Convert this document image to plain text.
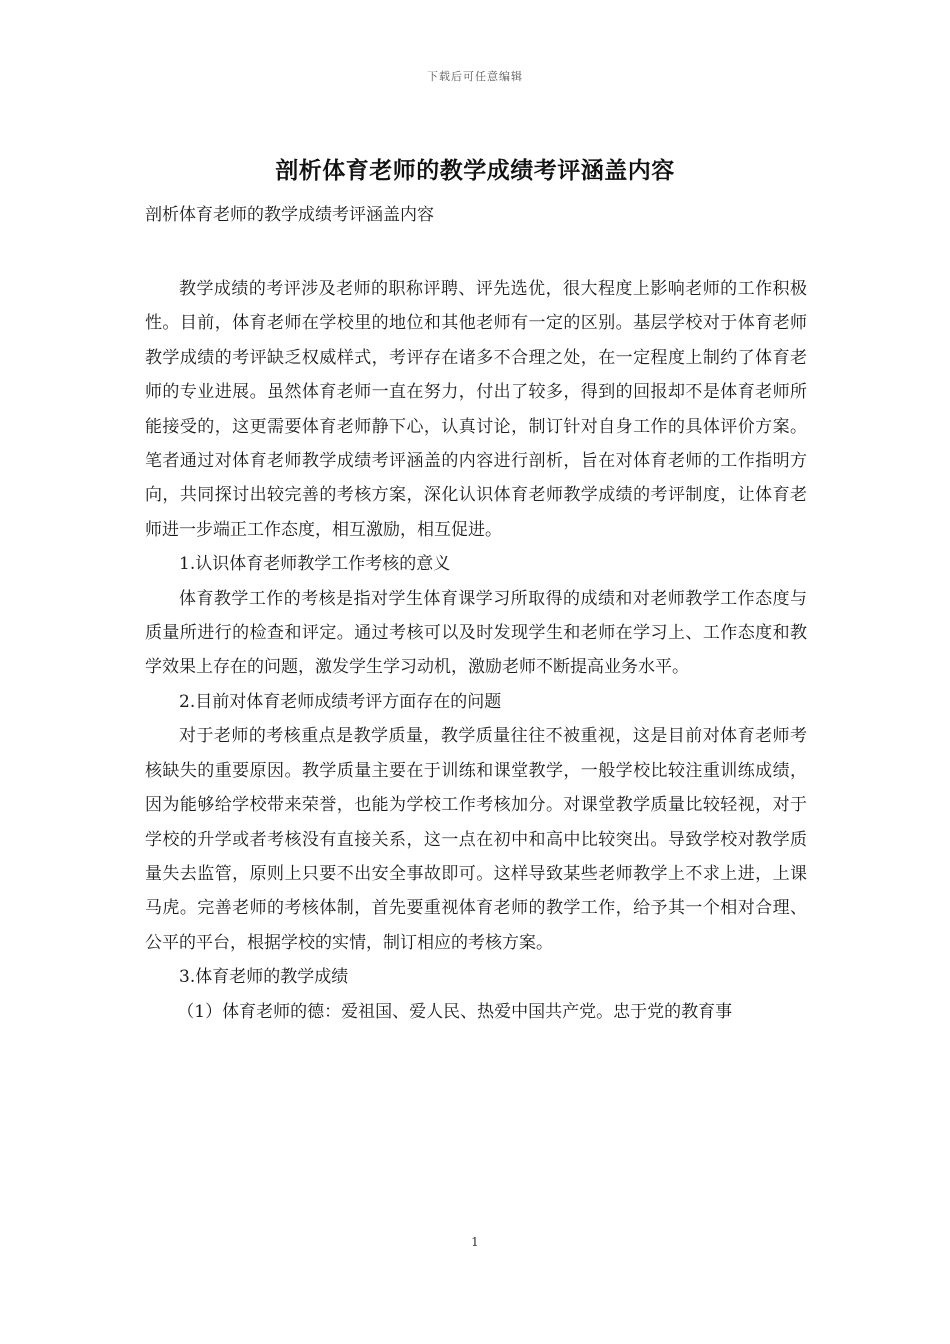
下载后可任意编辑
剖析体育老师的教学成绩考评涵盖内容
剖析体育老师的教学成绩考评涵盖内容

教学成绩的考评涉及老师的职称评聘、评先选优，很大程度上影响老师的工作积极性。目前，体育老师在学校里的地位和其他老师有一定的区别。基层学校对于体育老师教学成绩的考评缺乏权威样式，考评存在诸多不合理之处，在一定程度上制约了体育老师的专业进展。虽然体育老师一直在努力，付出了较多，得到的回报却不是体育老师所能接受的，这更需要体育老师静下心，认真讨论，制订针对自身工作的具体评价方案。笔者通过对体育老师教学成绩考评涵盖的内容进行剖析，旨在对体育老师的工作指明方向，共同探讨出较完善的考核方案，深化认识体育老师教学成绩的考评制度，让体育老师进一步端正工作态度，相互激励，相互促进。

1.认识体育老师教学工作考核的意义

体育教学工作的考核是指对学生体育课学习所取得的成绩和对老师教学工作态度与质量所进行的检查和评定。通过考核可以及时发现学生和老师在学习上、工作态度和教学效果上存在的问题，激发学生学习动机，激励老师不断提高业务水平。

2.目前对体育老师成绩考评方面存在的问题

对于老师的考核重点是教学质量，教学质量往往不被重视，这是目前对体育老师考核缺失的重要原因。教学质量主要在于训练和课堂教学，一般学校比较注重训练成绩，因为能够给学校带来荣誉，也能为学校工作考核加分。对课堂教学质量比较轻视，对于学校的升学或者考核没有直接关系，这一点在初中和高中比较突出。导致学校对教学质量失去监管，原则上只要不出安全事故即可。这样导致某些老师教学上不求上进，上课马虎。完善老师的考核体制，首先要重视体育老师的教学工作，给予其一个相对合理、公平的平台，根据学校的实情，制订相应的考核方案。

3.体育老师的教学成绩

（1）体育老师的德：爱祖国、爱人民、热爱中国共产党。忠于党的教育事

1
